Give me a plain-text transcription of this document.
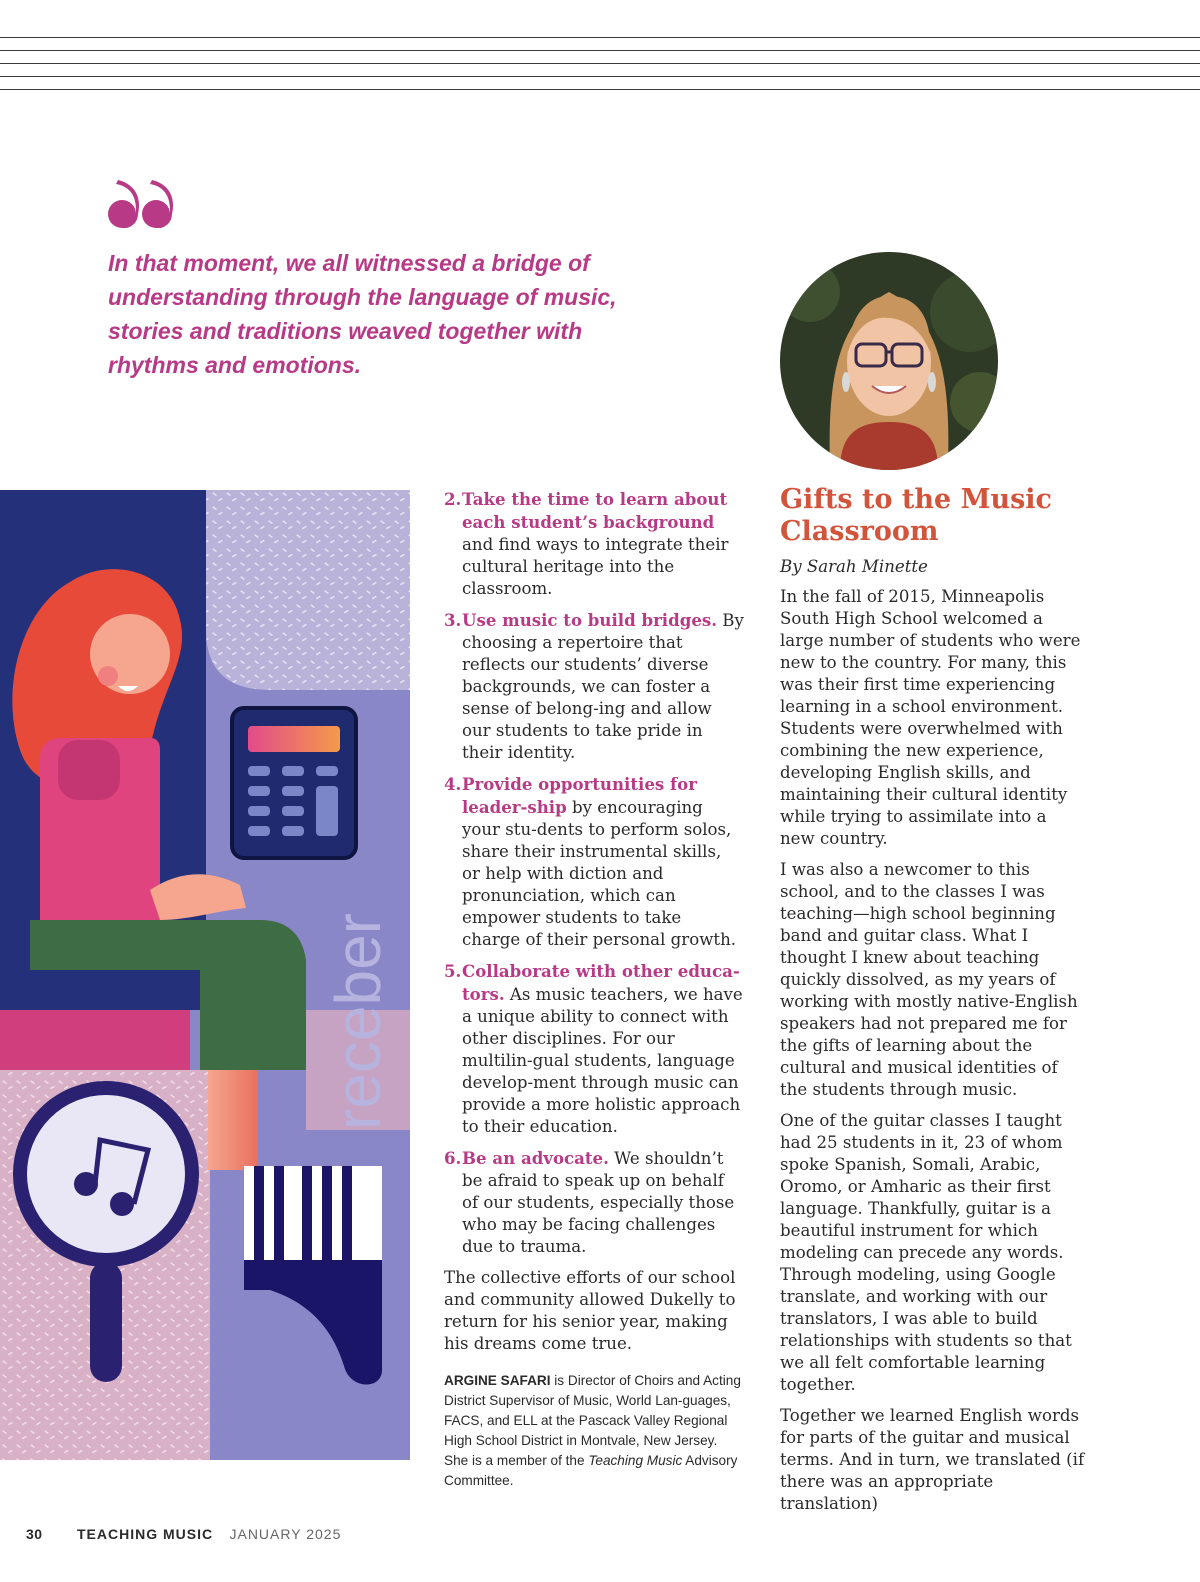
In that moment, we all witnessed a bridge of understanding through the language of music, stories and traditions weaved together with rhythms and emotions.
receber
2. Take the time to learn about each student’s background and find ways to integrate their cultural heritage into the classroom.
3. Use music to build bridges. By choosing a repertoire that reflects our students’ diverse backgrounds, we can foster a sense of belong-ing and allow our students to take pride in their identity.
4. Provide opportunities for leader-ship by encouraging your stu-dents to perform solos, share their instrumental skills, or help with diction and pronunciation, which can empower students to take charge of their personal growth.
5. Collaborate with other educa-tors. As music teachers, we have a unique ability to connect with other disciplines. For our multilin-gual students, language develop-ment through music can provide a more holistic approach to their education.
6. Be an advocate. We shouldn’t be afraid to speak up on behalf of our students, especially those who may be facing challenges due to trauma.

The collective efforts of our school and community allowed Dukelly to return for his senior year, making his dreams come true.

ARGINE SAFARI is Director of Choirs and Acting District Supervisor of Music, World Lan-guages, FACS, and ELL at the Pascack Valley Regional High School District in Montvale, New Jersey. She is a member of the Teaching Music Advisory Committee.

Gifts to the Music Classroom

By Sarah Minette

In the fall of 2015, Minneapolis South High School welcomed a large number of students who were new to the country. For many, this was their first time experiencing learning in a school environment. Students were overwhelmed with combining the new experience, developing English skills, and maintaining their cultural identity while trying to assimilate into a new country.

I was also a newcomer to this school, and to the classes I was teaching—high school beginning band and guitar class. What I thought I knew about teaching quickly dissolved, as my years of working with mostly native-English speakers had not prepared me for the gifts of learning about the cultural and musical identities of the students through music.

One of the guitar classes I taught had 25 students in it, 23 of whom spoke Spanish, Somali, Arabic, Oromo, or Amharic as their first language. Thankfully, guitar is a beautiful instrument for which modeling can precede any words. Through modeling, using Google translate, and working with our translators, I was able to build relationships with students so that we all felt comfortable learning together.

Together we learned English words for parts of the guitar and musical terms. And in turn, we translated (if there was an appropriate translation)

30 TEACHING MUSIC JANUARY 2025
